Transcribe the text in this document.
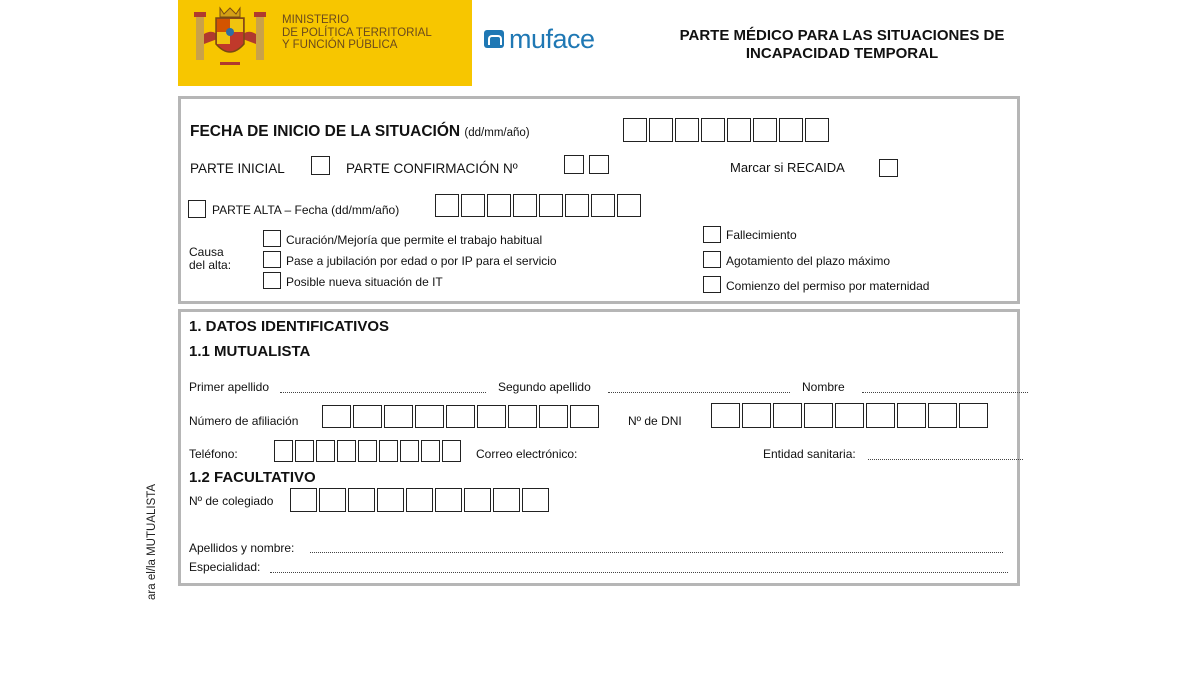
MINISTERIO
DE POLÍTICA TERRITORIAL
Y FUNCIÓN PÚBLICA	muface	PARTE MÉDICO PARA LAS SITUACIONES DE
INCAPACIDAD TEMPORAL
FECHA DE INICIO DE LA SITUACIÓN (dd/mm/año)
PARTE INICIAL	PARTE CONFIRMACIÓN Nº	Marcar si RECAIDA
PARTE ALTA – Fecha (dd/mm/año)
Causa
del alta:
Curación/Mejoría que permite el trabajo habitual
Pase a jubilación por edad o por IP para el servicio
Posible nueva situación de IT
Fallecimiento
Agotamiento del plazo máximo
Comienzo del permiso por maternidad
1. DATOS IDENTIFICATIVOS
1.1 MUTUALISTA
Primer apellido	Segundo apellido	Nombre
Número de afiliación	Nº de DNI
Teléfono:	Correo electrónico:	Entidad sanitaria:
1.2 FACULTATIVO
Nº de colegiado
Apellidos y nombre:
Especialidad:
ara el/la MUTUALISTA
